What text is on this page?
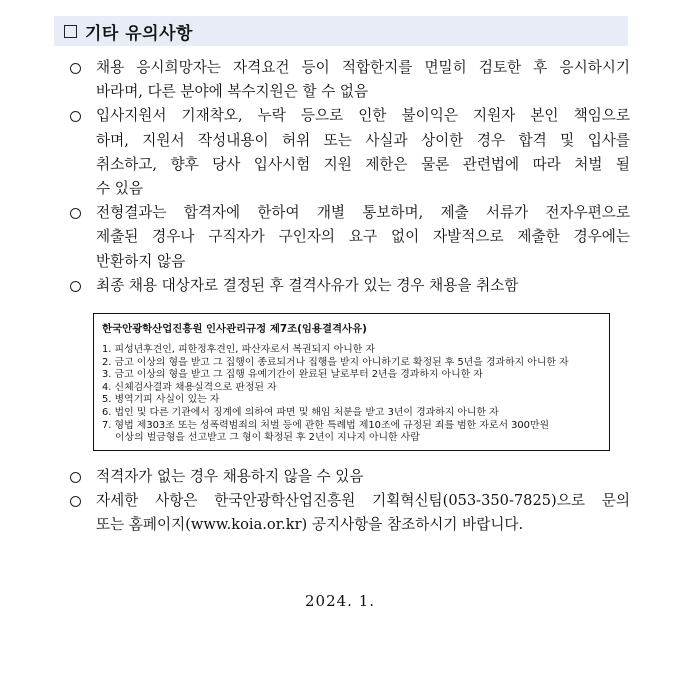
기타 유의사항
채용 응시희망자는 자격요건 등이 적합한지를 면밀히 검토한 후 응시하시기
바라며, 다른 분야에 복수지원은 할 수 없음
입사지원서 기재착오, 누락 등으로 인한 불이익은 지원자 본인 책임으로
하며, 지원서 작성내용이 허위 또는 사실과 상이한 경우 합격 및 입사를
취소하고, 향후 당사 입사시험 지원 제한은 물론 관련법에 따라 처벌 될
수 있음
전형결과는 합격자에 한하여 개별 통보하며, 제출 서류가 전자우편으로
제출된 경우나 구직자가 구인자의 요구 없이 자발적으로 제출한 경우에는
반환하지 않음
최종 채용 대상자로 결정된 후 결격사유가 있는 경우 채용을 취소함
한국안광학산업진흥원 인사관리규정 제7조(임용결격사유)
1. 피성년후견인, 피한정후견인, 파산자로서 복권되지 아니한 자
2. 금고 이상의 형을 받고 그 집행이 종료되거나 집행을 받지 아니하기로 확정된 후 5년을 경과하지 아니한 자
3. 금고 이상의 형을 받고 그 집행 유예기간이 완료된 날로부터 2년을 경과하지 아니한 자
4. 신체검사결과 채용실격으로 판정된 자
5. 병역기피 사실이 있는 자
6. 법인 및 다른 기관에서 징계에 의하여 파면 및 해임 처분을 받고 3년이 경과하지 아니한 자
7. 형법 제303조 또는 성폭력범죄의 처벌 등에 관한 특례법 제10조에 규정된 죄를 범한 자로서 300만원
이상의 벌금형을 선고받고 그 형이 확정된 후 2년이 지나지 아니한 사람
적격자가 없는 경우 채용하지 않을 수 있음
자세한 사항은 한국안광학산업진흥원 기획혁신팀(053-350-7825)으로 문의
또는 홈페이지(www.koia.or.kr) 공지사항을 참조하시기 바랍니다.
2024. 1.
